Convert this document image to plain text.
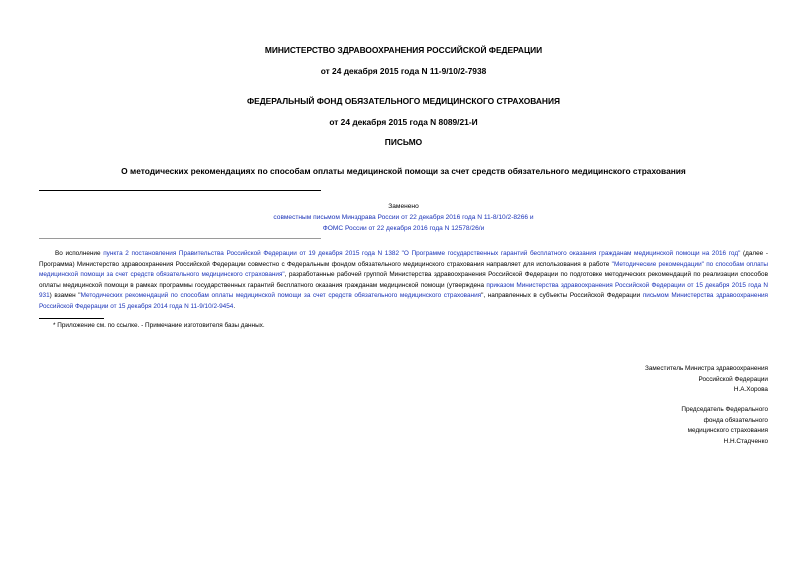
МИНИСТЕРСТВО ЗДРАВООХРАНЕНИЯ РОССИЙСКОЙ ФЕДЕРАЦИИ
от 24 декабря 2015 года N 11-9/10/2-7938
ФЕДЕРАЛЬНЫЙ ФОНД ОБЯЗАТЕЛЬНОГО МЕДИЦИНСКОГО СТРАХОВАНИЯ
от 24 декабря 2015 года N 8089/21-И
ПИСЬМО
О методических рекомендациях по способам оплаты медицинской помощи за счет средств обязательного медицинского страхования
Заменено
совместным письмом Минздрава России от 22 декабря 2016 года N 11-8/10/2-8266 и
ФОМС России от 22 декабря 2016 года N 12578/26/и
Во исполнение пункта 2 постановления Правительства Российской Федерации от 19 декабря 2015 года N 1382 "О Программе государственных гарантий бесплатного оказания гражданам медицинской помощи на 2016 год" (далее - Программа) Министерство здравоохранения Российской Федерации совместно с Федеральным фондом обязательного медицинского страхования направляет для использования в работе "Методические рекомендации" по способам оплаты медицинской помощи за счет средств обязательного медицинского страхования", разработанные рабочей группой Министерства здравоохранения Российской Федерации по подготовке методических рекомендаций по реализации способов оплаты медицинской помощи в рамках программы государственных гарантий бесплатного оказания гражданам медицинской помощи (утверждена приказом Министерства здравоохранения Российской Федерации от 15 декабря 2015 года N 931) взамен "Методических рекомендаций по способам оплаты медицинской помощи за счет средств обязательного медицинского страхования", направленных в субъекты Российской Федерации письмом Министерства здравоохранения Российской Федерации от 15 декабря 2014 года N 11-9/10/2-9454.
* Приложение см. по ссылке. - Примечание изготовителя базы данных.
Заместитель Министра здравоохранения
Российской Федерации
Н.А.Хорова
Председатель Федерального
фонда обязательного
медицинского страхования
Н.Н.Стадченко
